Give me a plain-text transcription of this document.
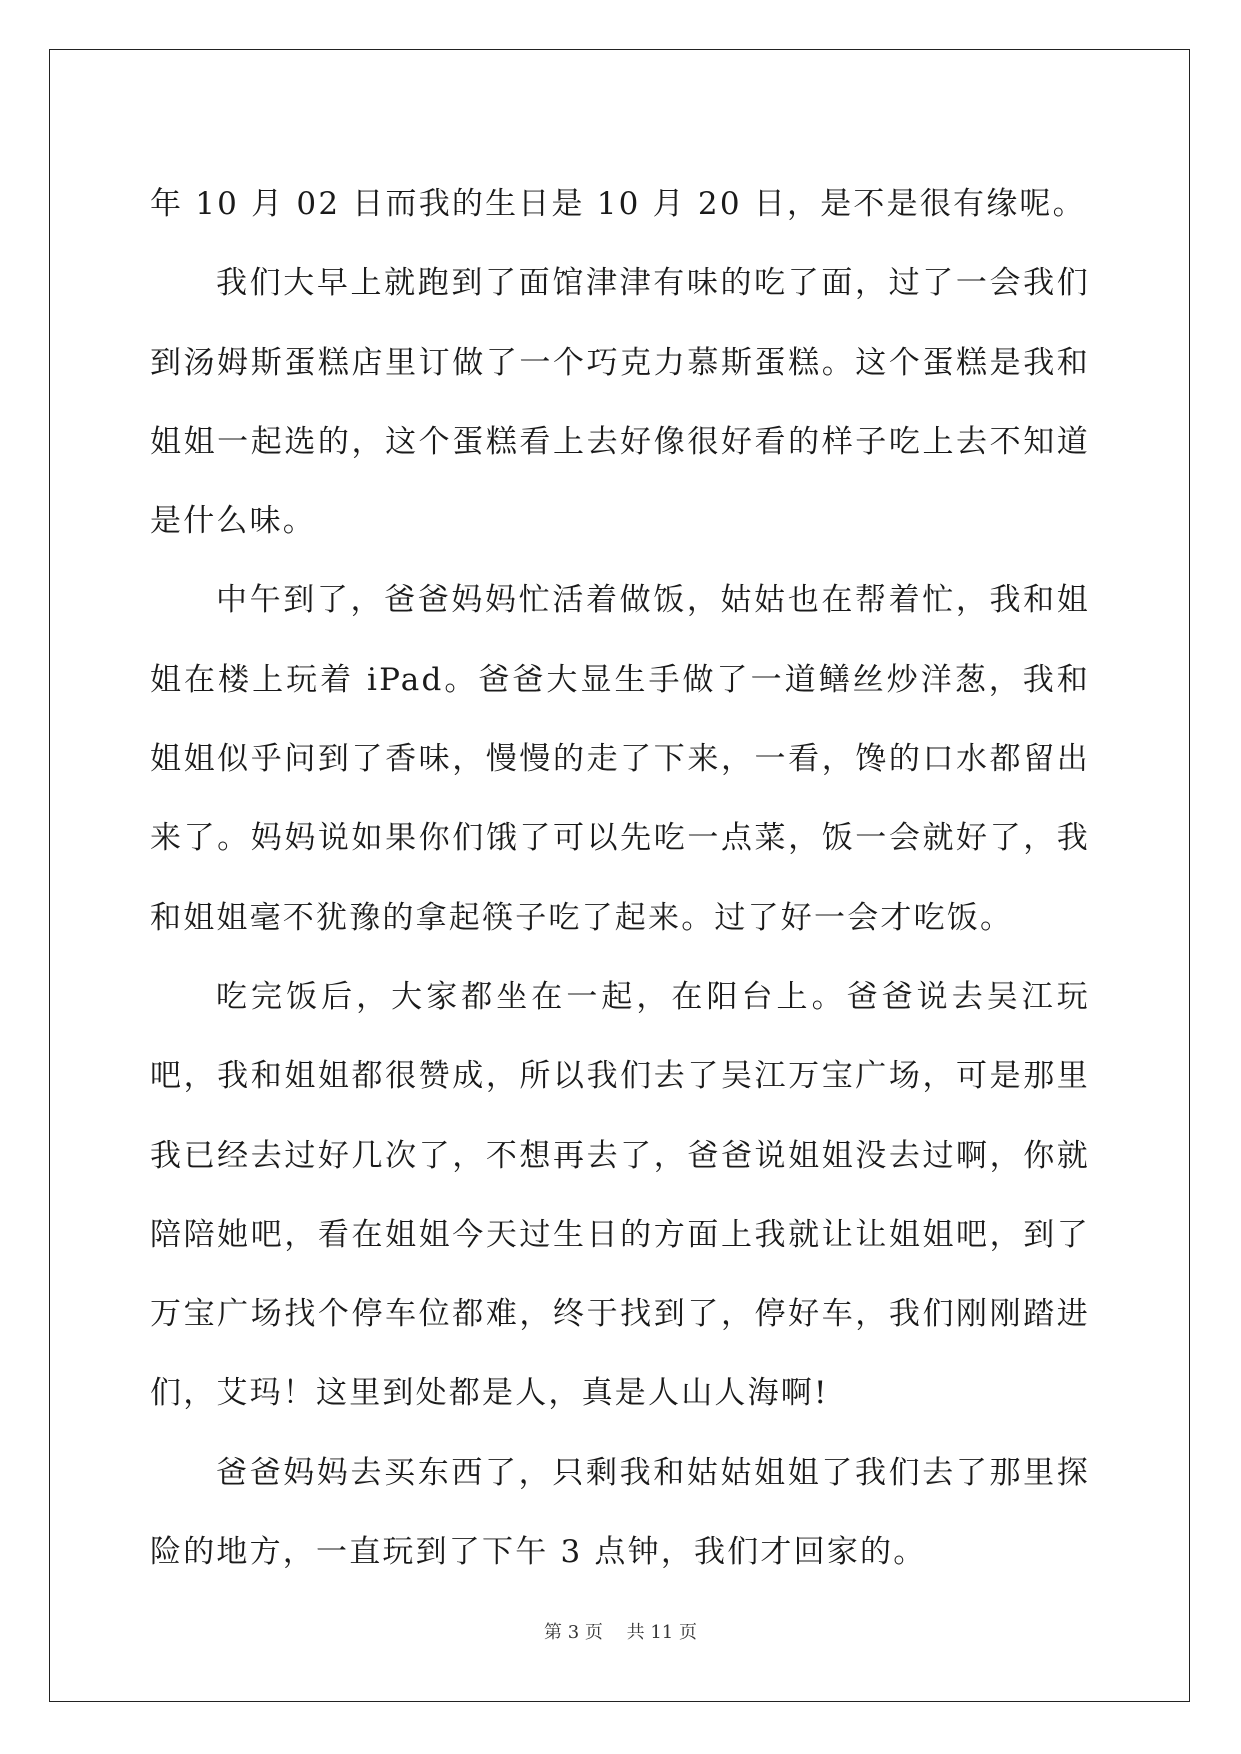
年 10 月 02 日而我的生日是 10 月 20 日，是不是很有缘呢。

我们大早上就跑到了面馆津津有味的吃了面，过了一会我们到汤姆斯蛋糕店里订做了一个巧克力慕斯蛋糕。这个蛋糕是我和姐姐一起选的，这个蛋糕看上去好像很好看的样子吃上去不知道是什么味。

中午到了，爸爸妈妈忙活着做饭，姑姑也在帮着忙，我和姐姐在楼上玩着 iPad。爸爸大显生手做了一道鳝丝炒洋葱，我和姐姐似乎问到了香味，慢慢的走了下来，一看，馋的口水都留出来了。妈妈说如果你们饿了可以先吃一点菜，饭一会就好了，我和姐姐毫不犹豫的拿起筷子吃了起来。过了好一会才吃饭。

吃完饭后，大家都坐在一起，在阳台上。爸爸说去吴江玩吧，我和姐姐都很赞成，所以我们去了吴江万宝广场，可是那里我已经去过好几次了，不想再去了，爸爸说姐姐没去过啊，你就陪陪她吧，看在姐姐今天过生日的方面上我就让让姐姐吧，到了万宝广场找个停车位都难，终于找到了，停好车，我们刚刚踏进们，艾玛！这里到处都是人，真是人山人海啊!

爸爸妈妈去买东西了，只剩我和姑姑姐姐了我们去了那里探险的地方，一直玩到了下午 3 点钟，我们才回家的。

第 3 页　 共 11 页
